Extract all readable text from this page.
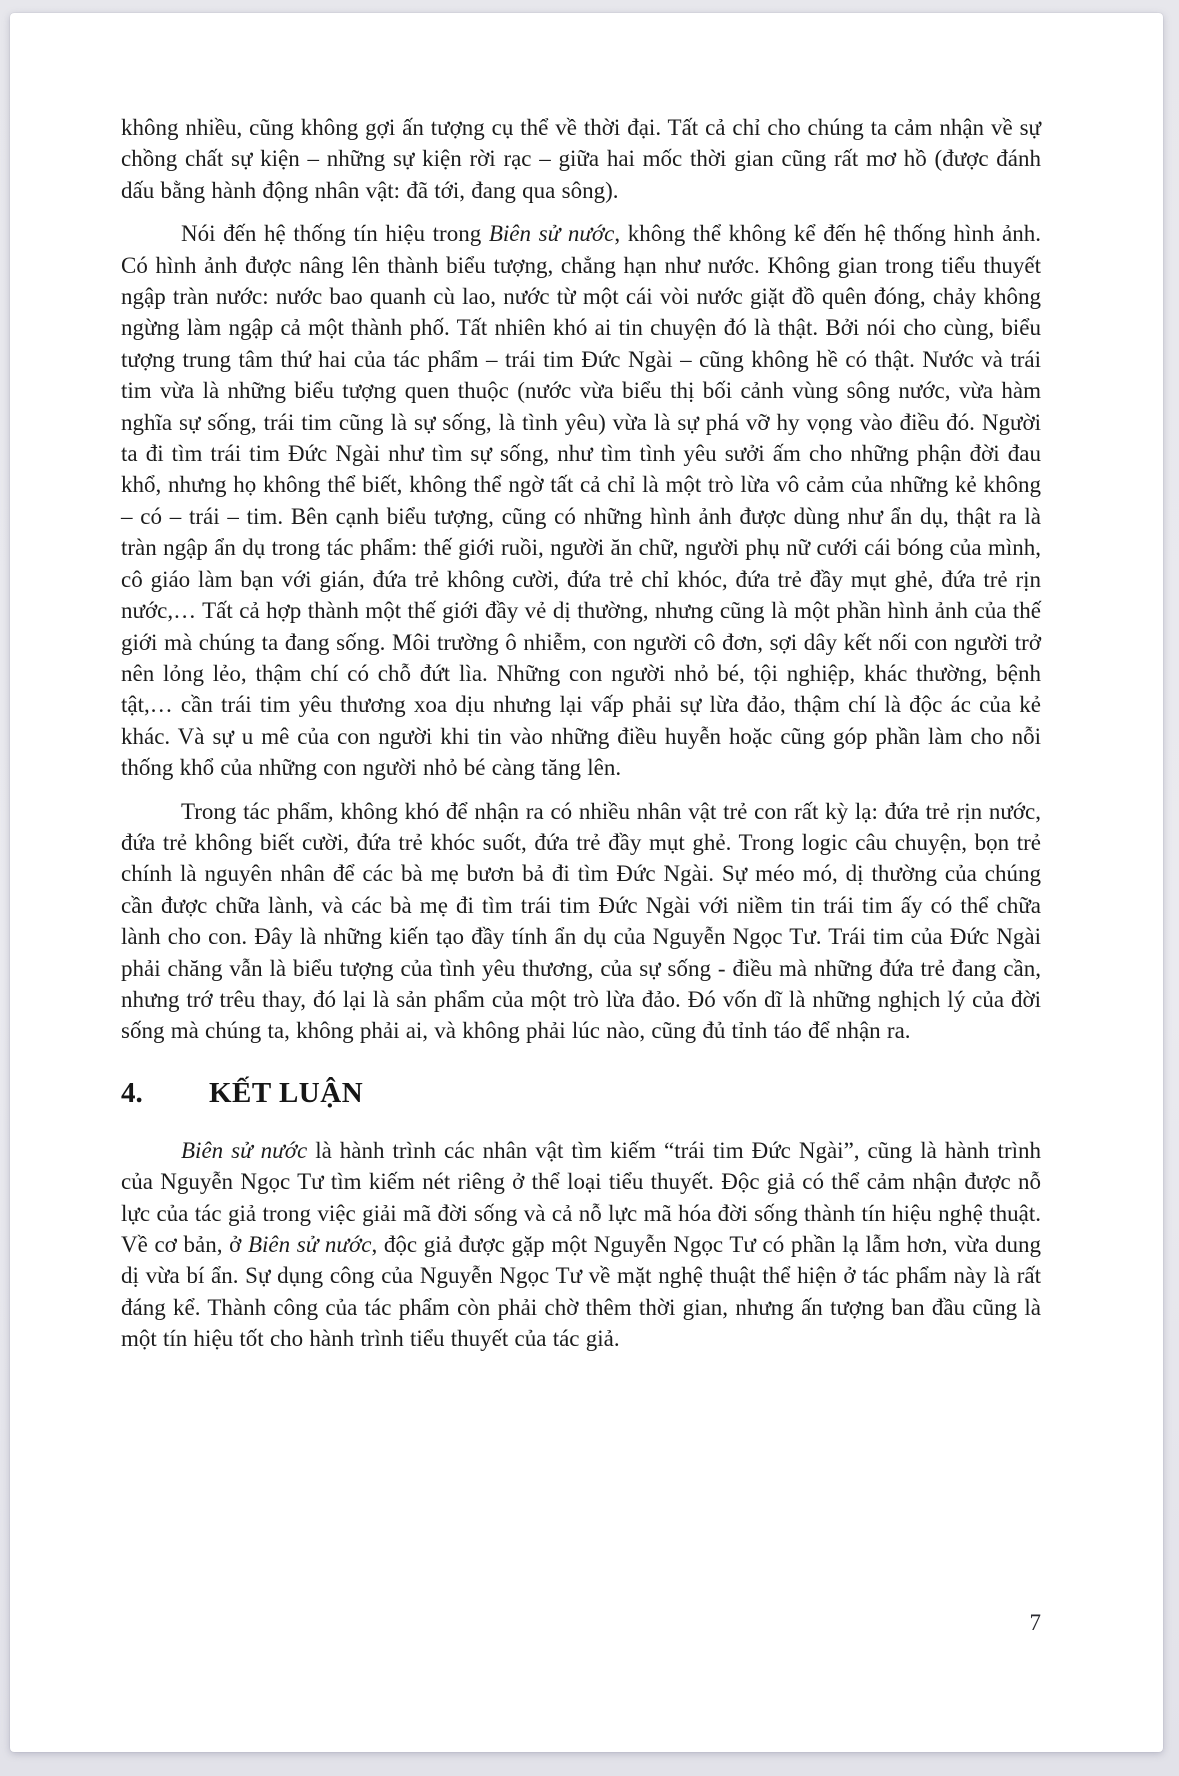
không nhiều, cũng không gợi ấn tượng cụ thể về thời đại. Tất cả chỉ cho chúng ta cảm nhận về sự chồng chất sự kiện – những sự kiện rời rạc – giữa hai mốc thời gian cũng rất mơ hồ (được đánh dấu bằng hành động nhân vật: đã tới, đang qua sông).

Nói đến hệ thống tín hiệu trong Biên sử nước, không thể không kể đến hệ thống hình ảnh. Có hình ảnh được nâng lên thành biểu tượng, chẳng hạn như nước. Không gian trong tiểu thuyết ngập tràn nước: nước bao quanh cù lao, nước từ một cái vòi nước giặt đồ quên đóng, chảy không ngừng làm ngập cả một thành phố. Tất nhiên khó ai tin chuyện đó là thật. Bởi nói cho cùng, biểu tượng trung tâm thứ hai của tác phẩm – trái tim Đức Ngài – cũng không hề có thật. Nước và trái tim vừa là những biểu tượng quen thuộc (nước vừa biểu thị bối cảnh vùng sông nước, vừa hàm nghĩa sự sống, trái tim cũng là sự sống, là tình yêu) vừa là sự phá vỡ hy vọng vào điều đó. Người ta đi tìm trái tim Đức Ngài như tìm sự sống, như tìm tình yêu sưởi ấm cho những phận đời đau khổ, nhưng họ không thể biết, không thể ngờ tất cả chỉ là một trò lừa vô cảm của những kẻ không – có – trái – tim. Bên cạnh biểu tượng, cũng có những hình ảnh được dùng như ẩn dụ, thật ra là tràn ngập ẩn dụ trong tác phẩm: thế giới ruồi, người ăn chữ, người phụ nữ cưới cái bóng của mình, cô giáo làm bạn với gián, đứa trẻ không cười, đứa trẻ chỉ khóc, đứa trẻ đầy mụt ghẻ, đứa trẻ rịn nước,… Tất cả hợp thành một thế giới đầy vẻ dị thường, nhưng cũng là một phần hình ảnh của thế giới mà chúng ta đang sống. Môi trường ô nhiễm, con người cô đơn, sợi dây kết nối con người trở nên lỏng lẻo, thậm chí có chỗ đứt lìa. Những con người nhỏ bé, tội nghiệp, khác thường, bệnh tật,… cần trái tim yêu thương xoa dịu nhưng lại vấp phải sự lừa đảo, thậm chí là độc ác của kẻ khác. Và sự u mê của con người khi tin vào những điều huyễn hoặc cũng góp phần làm cho nỗi thống khổ của những con người nhỏ bé càng tăng lên.

Trong tác phẩm, không khó để nhận ra có nhiều nhân vật trẻ con rất kỳ lạ: đứa trẻ rịn nước, đứa trẻ không biết cười, đứa trẻ khóc suốt, đứa trẻ đầy mụt ghẻ. Trong logic câu chuyện, bọn trẻ chính là nguyên nhân để các bà mẹ bươn bả đi tìm Đức Ngài. Sự méo mó, dị thường của chúng cần được chữa lành, và các bà mẹ đi tìm trái tim Đức Ngài với niềm tin trái tim ấy có thể chữa lành cho con. Đây là những kiến tạo đầy tính ẩn dụ của Nguyễn Ngọc Tư. Trái tim của Đức Ngài phải chăng vẫn là biểu tượng của tình yêu thương, của sự sống - điều mà những đứa trẻ đang cần, nhưng trớ trêu thay, đó lại là sản phẩm của một trò lừa đảo. Đó vốn dĩ là những nghịch lý của đời sống mà chúng ta, không phải ai, và không phải lúc nào, cũng đủ tỉnh táo để nhận ra.

4.	KẾT LUẬN

Biên sử nước là hành trình các nhân vật tìm kiếm “trái tim Đức Ngài”, cũng là hành trình của Nguyễn Ngọc Tư tìm kiếm nét riêng ở thể loại tiểu thuyết. Độc giả có thể cảm nhận được nỗ lực của tác giả trong việc giải mã đời sống và cả nỗ lực mã hóa đời sống thành tín hiệu nghệ thuật. Về cơ bản, ở Biên sử nước, độc giả được gặp một Nguyễn Ngọc Tư có phần lạ lẫm hơn, vừa dung dị vừa bí ẩn. Sự dụng công của Nguyễn Ngọc Tư về mặt nghệ thuật thể hiện ở tác phẩm này là rất đáng kể. Thành công của tác phẩm còn phải chờ thêm thời gian, nhưng ấn tượng ban đầu cũng là một tín hiệu tốt cho hành trình tiểu thuyết của tác giả.

7
